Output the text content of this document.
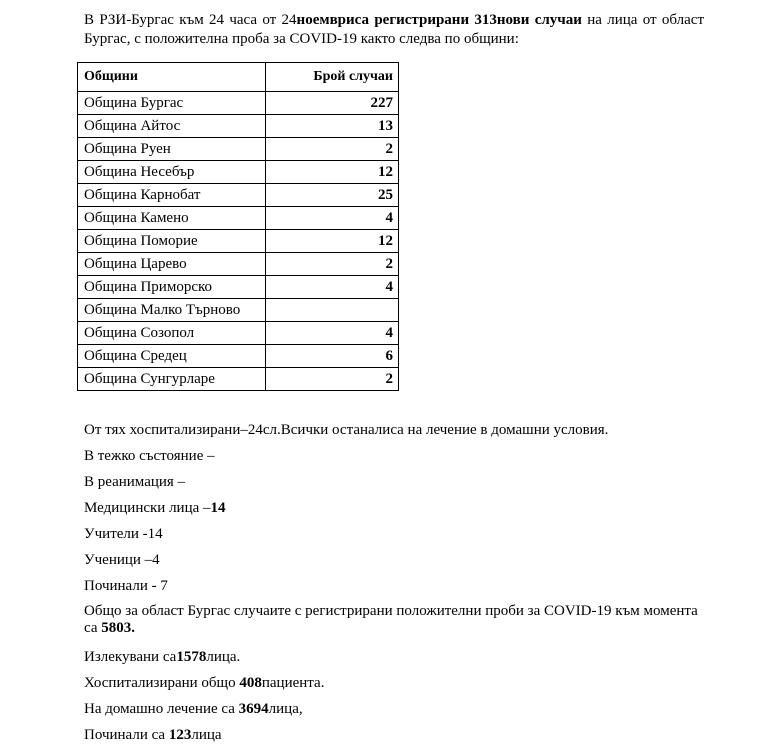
В РЗИ-Бургас към 24 часа от 24ноемвриса регистрирани 313нови случаи на лица от област Бургас, с положителна проба за COVID-19 както следва по общини:
Общини	Брой случаи
Община Бургас	227
Община Айтос	13
Община Руен	2
Община Несебър	12
Община Карнобат	25
Община Камено	4
Община Поморие	12
Община Царево	2
Община Приморско	4
Община Малко Търново	
Община Созопол	4
Община Средец	6
Община Сунгурларе	2
От тях хоспитализирани–24сл.Всички останалиса на лечение в домашни условия.
В тежко състояние –
В реанимация –
Медицински лица –14
Учители -14
Ученици –4
Починали - 7
Общо за област Бургас случаите с регистрирани положителни проби за COVID-19 към момента са 5803.
Излекувани са1578лица.
Хоспитализирани общо 408пациента.
На домашно лечение са 3694лица,
Починали са 123лица
